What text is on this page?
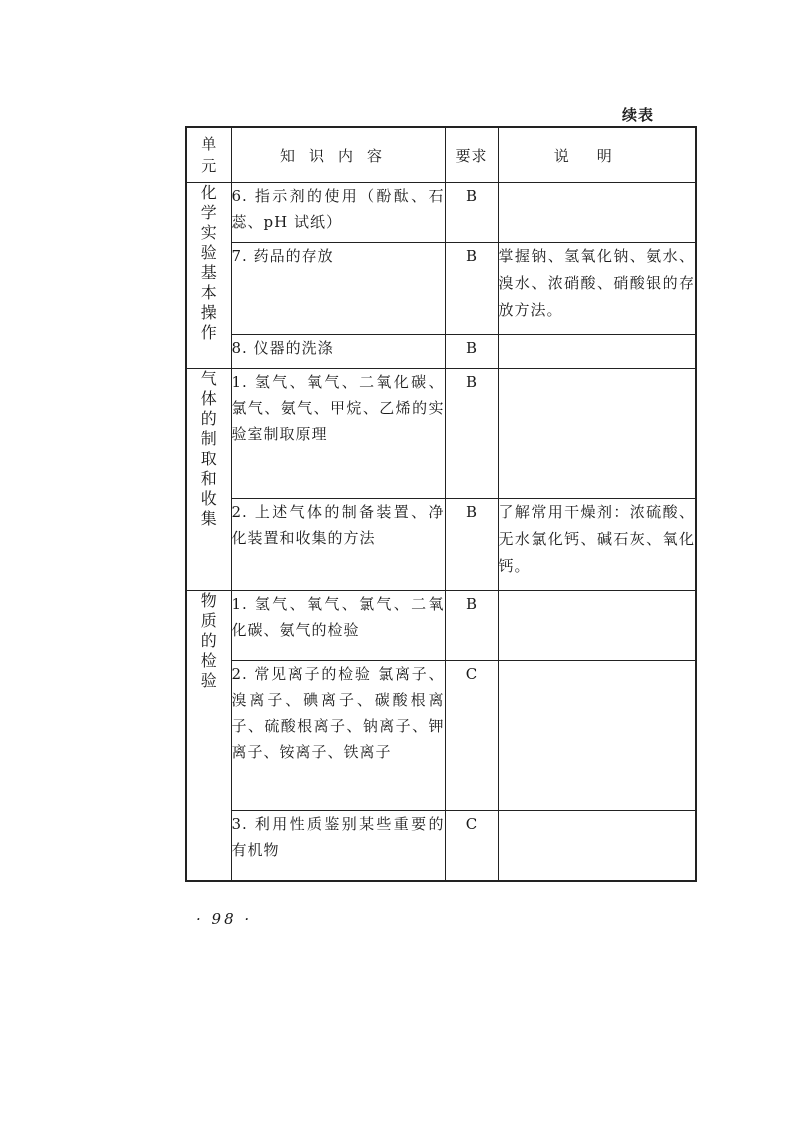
续表
单元	知识内容	要求	说明
化学实验基本操作	6. 指示剂的使用（酚酞、石蕊、pH 试纸）	B	
	7. 药品的存放	B	掌握钠、氢氧化钠、氨水、溴水、浓硝酸、硝酸银的存放方法。
	8. 仪器的洗涤	B	
气体的制取和收集	1. 氢气、氧气、二氧化碳、氯气、氨气、甲烷、乙烯的实验室制取原理	B	
	2. 上述气体的制备装置、净化装置和收集的方法	B	了解常用干燥剂：浓硫酸、无水氯化钙、碱石灰、氧化钙。
物质的检验	1. 氢气、氧气、氯气、二氧化碳、氨气的检验	B	
	2. 常见离子的检验 氯离子、溴离子、碘离子、碳酸根离子、硫酸根离子、钠离子、钾离子、铵离子、铁离子	C	
	3. 利用性质鉴别某些重要的有机物	C	
· 98 ·
